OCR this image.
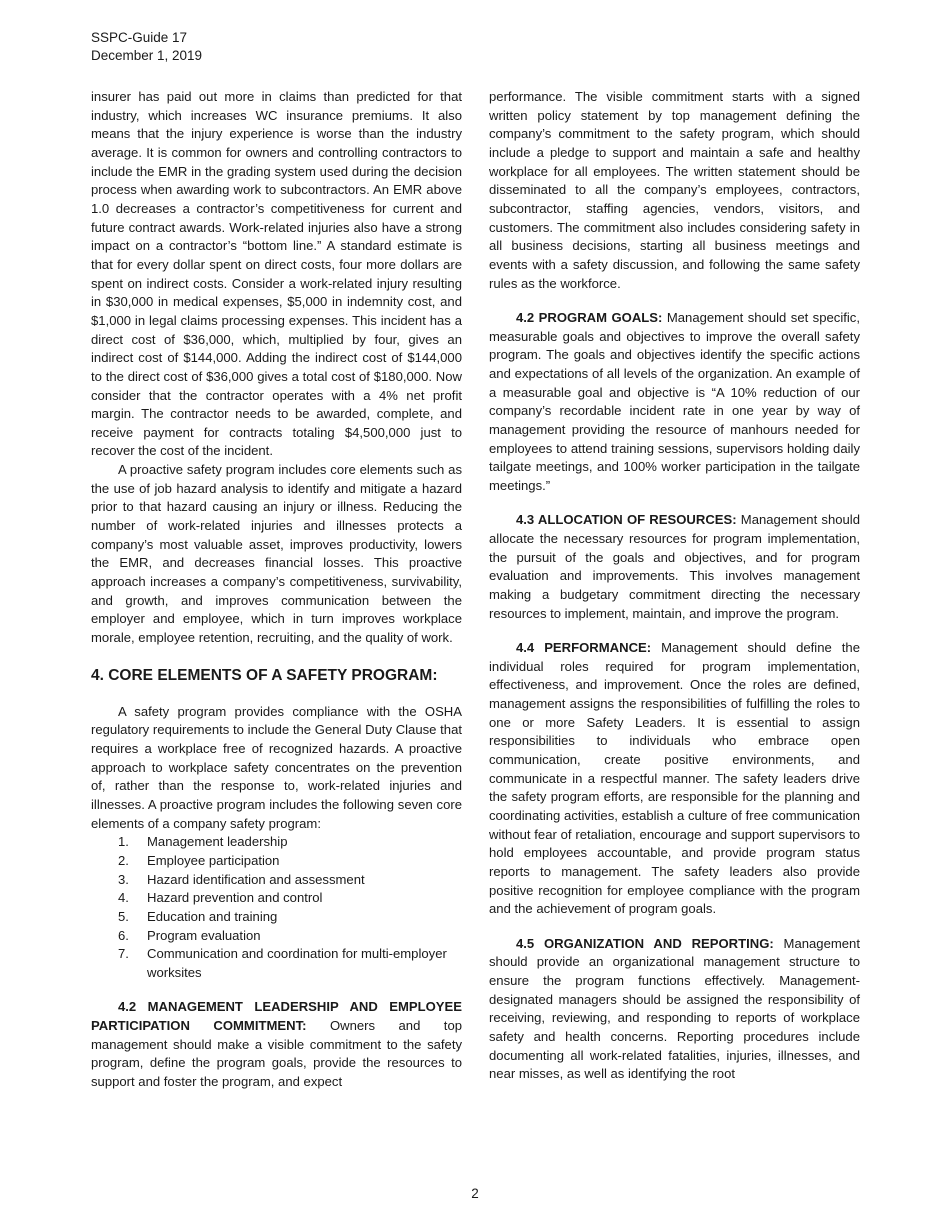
SSPC-Guide 17
December 1, 2019

insurer has paid out more in claims than predicted for that industry, which increases WC insurance premiums. It also means that the injury experience is worse than the industry average. It is common for owners and controlling contractors to include the EMR in the grading system used during the decision process when awarding work to subcontractors. An EMR above 1.0 decreases a contractor’s competitiveness for current and future contract awards. Work-related injuries also have a strong impact on a contractor’s “bottom line.” A standard estimate is that for every dollar spent on direct costs, four more dollars are spent on indirect costs. Consider a work-related injury resulting in $30,000 in medical expenses, $5,000 in indemnity cost, and $1,000 in legal claims processing expenses. This incident has a direct cost of $36,000, which, multiplied by four, gives an indirect cost of $144,000. Adding the indirect cost of $144,000 to the direct cost of $36,000 gives a total cost of $180,000. Now consider that the contractor operates with a 4% net profit margin. The contractor needs to be awarded, complete, and receive payment for contracts totaling $4,500,000 just to recover the cost of the incident.

A proactive safety program includes core elements such as the use of job hazard analysis to identify and mitigate a hazard prior to that hazard causing an injury or illness. Reducing the number of work-related injuries and illnesses protects a company’s most valuable asset, improves productivity, lowers the EMR, and decreases financial losses. This proactive approach increases a company’s competitiveness, survivability, and growth, and improves communication between the employer and employee, which in turn improves workplace morale, employee retention, recruiting, and the quality of work.

4. CORE ELEMENTS OF A SAFETY PROGRAM:

A safety program provides compliance with the OSHA regulatory requirements to include the General Duty Clause that requires a workplace free of recognized hazards. A proactive approach to workplace safety concentrates on the prevention of, rather than the response to, work-related injuries and illnesses. A proactive program includes the following seven core elements of a company safety program:

1.	Management leadership
2.	Employee participation
3.	Hazard identification and assessment
4.	Hazard prevention and control
5.	Education and training
6.	Program evaluation
7.	Communication and coordination for multi-employer worksites

4.2 MANAGEMENT LEADERSHIP AND EMPLOYEE PARTICIPATION COMMITMENT: Owners and top management should make a visible commitment to the safety program, define the program goals, provide the resources to support and foster the program, and expect

performance. The visible commitment starts with a signed written policy statement by top management defining the company’s commitment to the safety program, which should include a pledge to support and maintain a safe and healthy workplace for all employees. The written statement should be disseminated to all the company’s employees, contractors, subcontractor, staffing agencies, vendors, visitors, and customers. The commitment also includes considering safety in all business decisions, starting all business meetings and events with a safety discussion, and following the same safety rules as the workforce.

4.2 PROGRAM GOALS: Management should set specific, measurable goals and objectives to improve the overall safety program. The goals and objectives identify the specific actions and expectations of all levels of the organization. An example of a measurable goal and objective is “A 10% reduction of our company’s recordable incident rate in one year by way of management providing the resource of manhours needed for employees to attend training sessions, supervisors holding daily tailgate meetings, and 100% worker participation in the tailgate meetings.”

4.3 ALLOCATION OF RESOURCES: Management should allocate the necessary resources for program implementation, the pursuit of the goals and objectives, and for program evaluation and improvements. This involves management making a budgetary commitment directing the necessary resources to implement, maintain, and improve the program.

4.4 PERFORMANCE: Management should define the individual roles required for program implementation, effectiveness, and improvement. Once the roles are defined, management assigns the responsibilities of fulfilling the roles to one or more Safety Leaders. It is essential to assign responsibilities to individuals who embrace open communication, create positive environments, and communicate in a respectful manner. The safety leaders drive the safety program efforts, are responsible for the planning and coordinating activities, establish a culture of free communication without fear of retaliation, encourage and support supervisors to hold employees accountable, and provide program status reports to management. The safety leaders also provide positive recognition for employee compliance with the program and the achievement of program goals.

4.5 ORGANIZATION AND REPORTING: Management should provide an organizational management structure to ensure the program functions effectively. Management-designated managers should be assigned the responsibility of receiving, reviewing, and responding to reports of workplace safety and health concerns. Reporting procedures include documenting all work-related fatalities, injuries, illnesses, and near misses, as well as identifying the root

2
